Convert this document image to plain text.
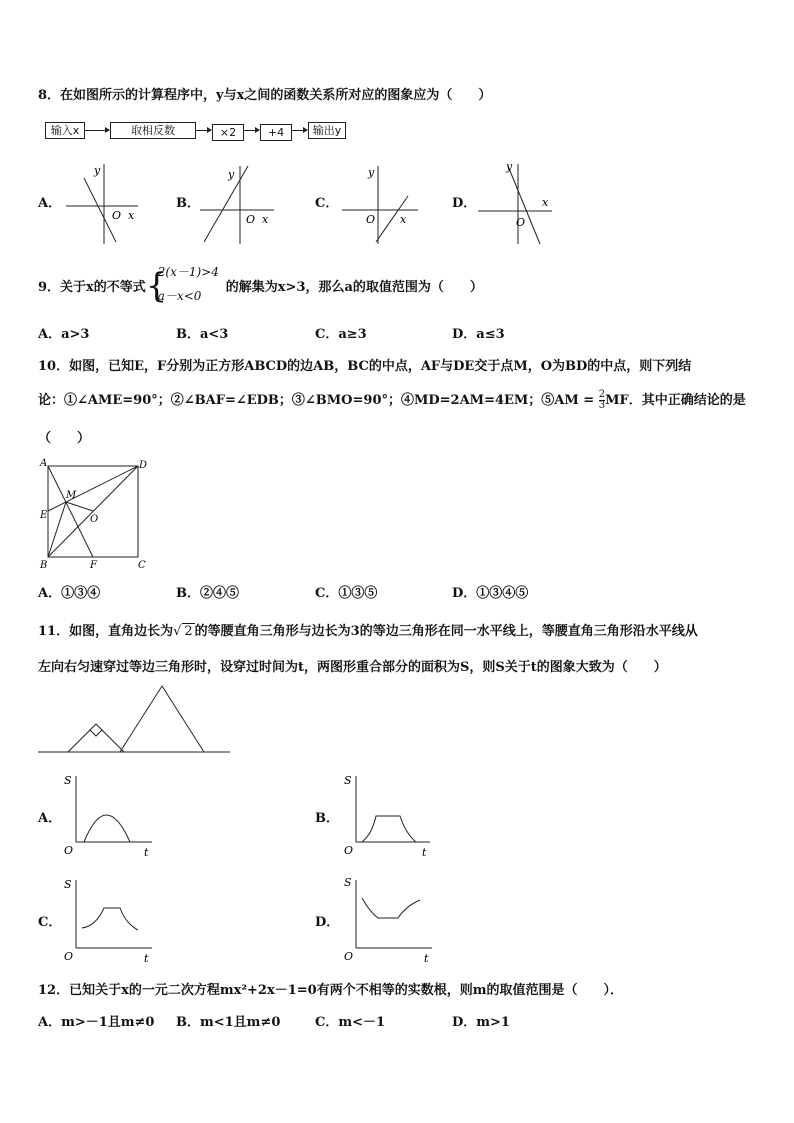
8．在如图所示的计算程序中，y与x之间的函数关系所对应的图象应为（　　）
输入x	取相反数	×2	+4	输出y
A．
y
O x
B．
y
O x
C．
y
O x
D．
y
O
x
9．关于x的不等式 {
2(x－1)>4
a－x<0
的解集为x>3，那么a的取值范围为（　　）
A．a>3	B．a<3	C．a≥3	D．a≤3
10．如图，已知E，F分别为正方形ABCD的边AB，BC的中点，AF与DE交于点M，O为BD的中点，则下列结
论：①∠AME=90°；②∠BAF=∠EDB；③∠BMO=90°；④MD=2AM=4EM；⑤AM = $\frac{2}{3}$ MF．其中正确结论的是
（　　）
A	D
M
E	O
B	F	C
A．①③④	B．②④⑤	C．①③⑤	D．①③④⑤
11．如图，直角边长为√ 2 的等腰直角三角形与边长为3的等边三角形在同一水平线上，等腰直角三角形沿水平线从
左向右匀速穿过等边三角形时，设穿过时间为t，两图形重合部分的面积为S，则S关于t的图象大致为（　　）
A．
S
O	t
B．
S
O	t
C．
S
O	t
D．
S
O	t
12．已知关于x的一元二次方程mx²+2x－1=0有两个不相等的实数根，则m的取值范围是（　　）．
A．m>－1且m≠0 B．m<1且m≠0	C．m<－1	D．m>1
